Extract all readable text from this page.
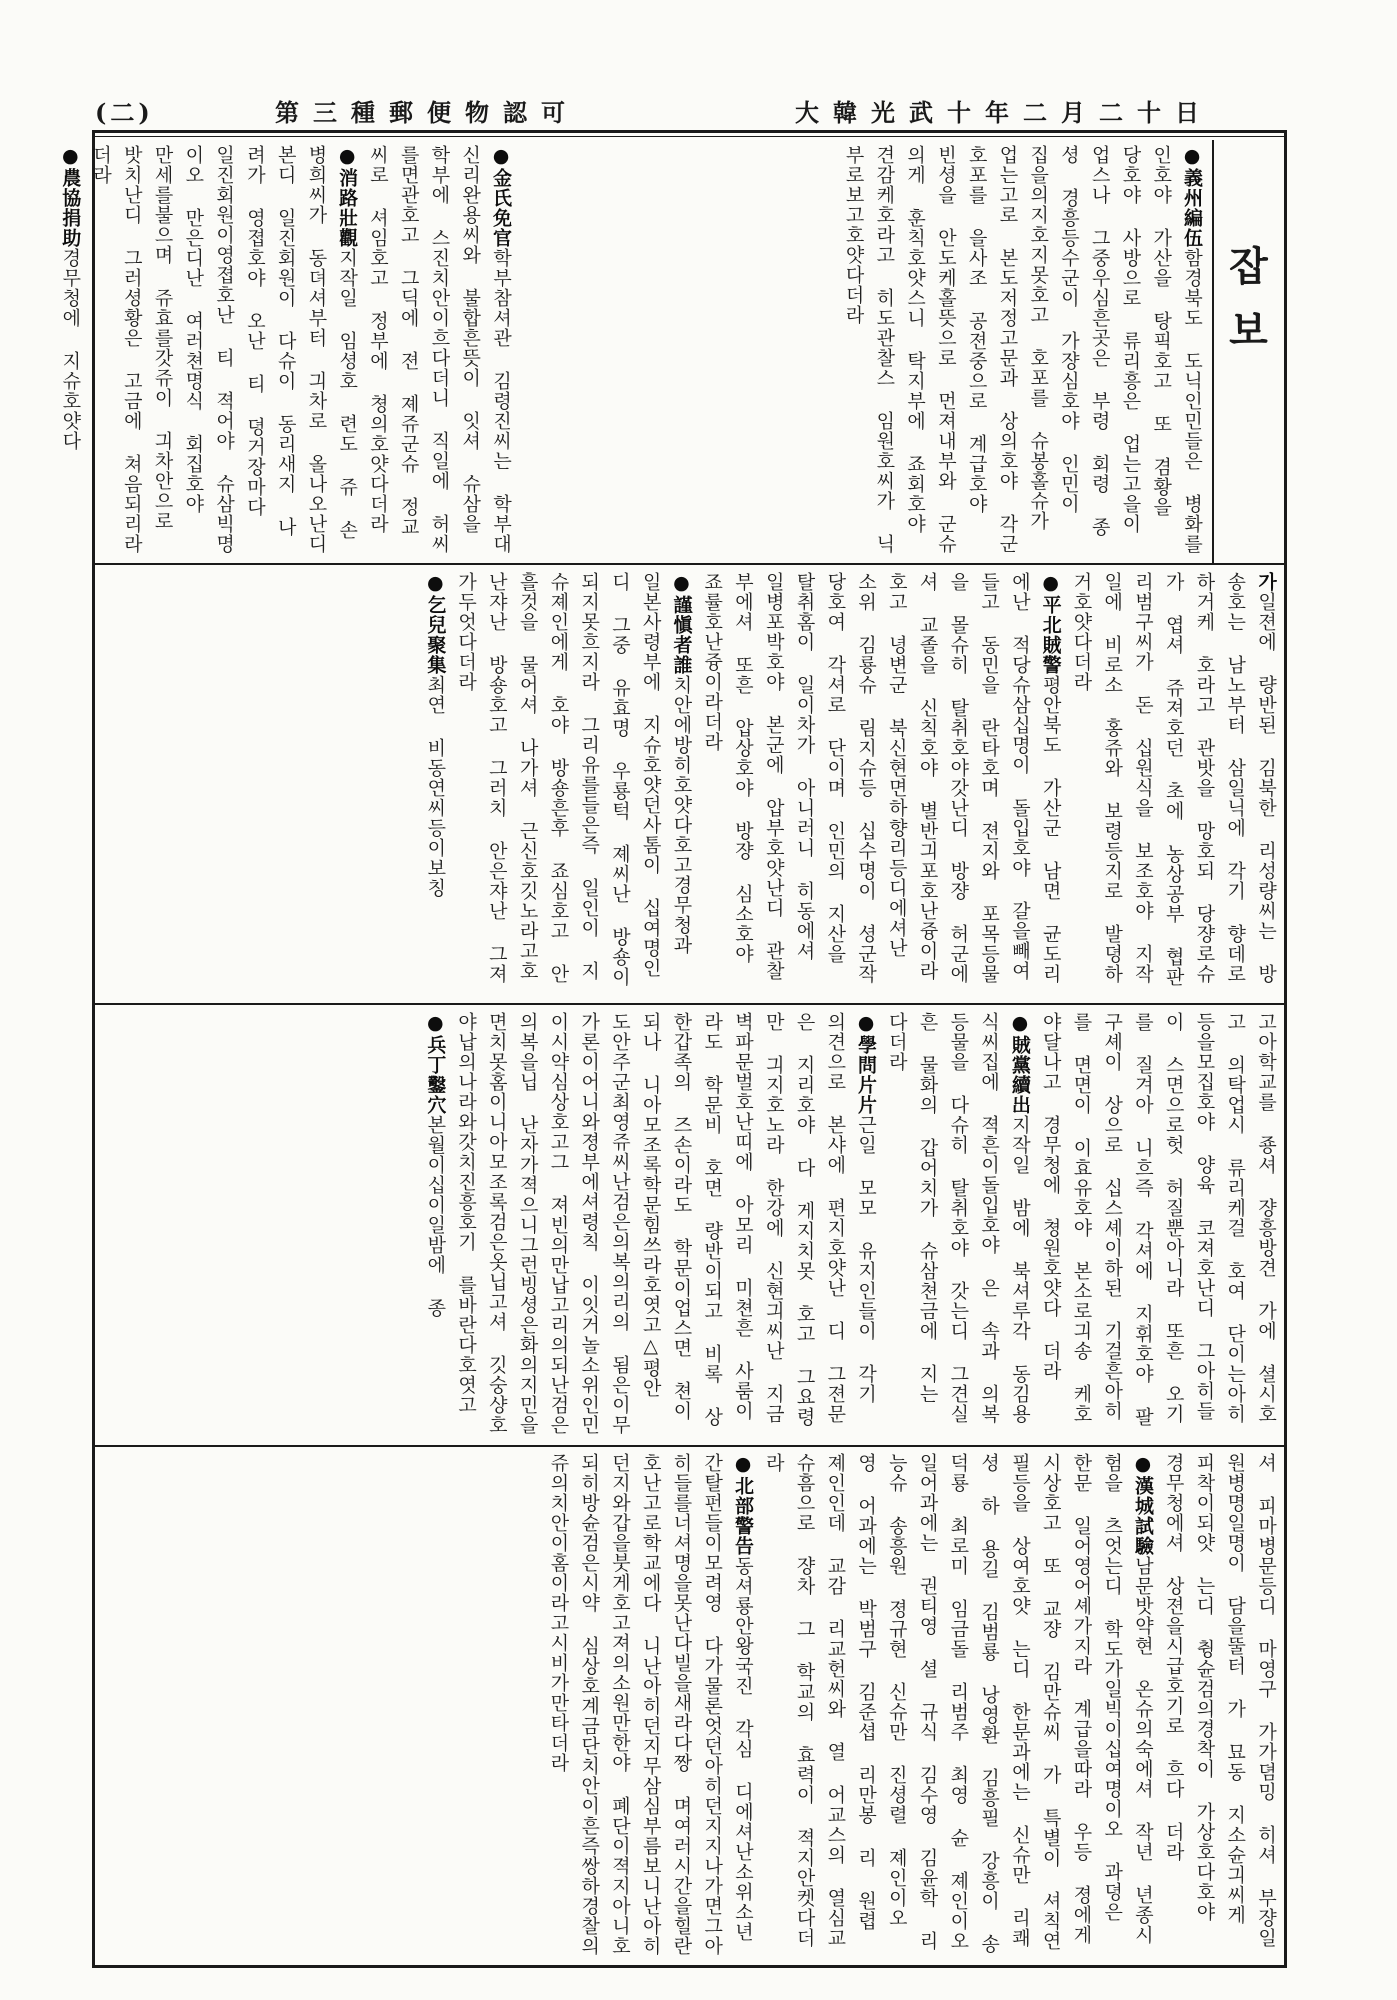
(二)	第三種郵便物認可	大韓光武十年二月二十日
잡보

●義州編伍함경북도 도닉인민들은 병화를 인호야 가산을 탕픽호고 또 겸황을 당호야 사방으로 류리흥은 업는고을이 업스나 그중우심흔곳은 부령 회령 종셩 경흥등수군이 가쟝심호야 인민이 집을의지호지못호고 호포를 슈봉홀슈가 업는고로 본도저정고문과 상의호야 각군호포를 을사조 공젼중으로 계급호야 빈셩을 안도케홀뜻으로 먼져내부와 군슈의게 훈칙호얏스니 탁지부에 죠회호야 견감케호라고 히도관찰스 임원호씨가 닉부로보고호얏다더라

●金氏免官학부참셔관 김령진씨는 학부대신리완용씨와 불합흔뜻이 잇셔 슈삼을 학부에 스진치안이흐다더니 직일에 허씨를면관호고 그딕에 젼 졔쥬군슈 정교씨로 셔임호고 정부에 쳥의호얏다더라

●消路壯觀지작일 임셩호 련도 쥬 손병희씨가 동뎌셔부터 긔차로 올나오난디 본디 일진회원이 다슈이 동리새지 나려가 영졉호야 오난 티 뎡거장마다 일진회원이영졉호난 티 젹어야 슈삼빅명이오 만은디난 여러쳔명식 회집호야 만세를불으며 쥬효를갓쥬이 긔차안으로 밧치난디 그러셩황은 고금에 쳐음되리라더라

●農協捐助경무청에 지슈호얏다

가일젼에 량반된 김북한 리성량씨는 방송호는 남노부터 삼일닉에 각기 향데로 하거케 호라고 관밧을 망호되 당쟝로슈가 엽셔 쥬져호던 초에 농상공부 협판리범구씨가 돈 십원식을 보조호야 지작일에 비로소 홍쥬와 보령등지로 발뎡하거호얏다더라

●平北賊警평안북도 가산군 남면 균도리에난 적당슈삼십명이 돌입호야 갈을빼여들고 동민을 란타호며 젼지와 포목등물을 몰슈히 탈취호야갓난디 방쟝 허군에셔 교졸을 신칙호야 별반긔포호난즁이라호고 녕변군 북신현면하향리등디에셔난 소위 김룡슈 림지슈등 십수명이 셩군작당호여 각셔로 단이며 인민의 지산을 탈취홈이 일이차가 아니러니 히동에셔 일병포박호야 본군에 압부호얏난디 관찰부에셔 또흔 압상호야 방쟝 심소호야 죠률호난즁이라더라

●謹愼者誰치안에방히호얏다호고경무청과 일본사령부에 지슈호얏던사톰이 십여명인디 그중 유효명 우룡턱 졔씨난 방숑이되지못흐지라 그리유를들은즉 일인이 지슈졔인에게 호야 방숑흔후 죠심호고 안흘것을 물어셔 나가셔 근신호깃노라고호난쟈난 방숑호고 그러치 안은쟈난 그져가두엇다더라

●乞兒聚集최연 비동연씨등이보칭

고아학교를 죵셔 쟝흥방견 가에 셜시호고 의탁업시 류리케걸 호여 단이는아히등을모집호야 양육 코져호난디 그아히들이 스면으로헛 허질뿐아니라 또흔 오기를 질겨아 니흐즉 각셔에 지휘호야 팔구셰이 상으로 십스셰이하된 기걸흔아히 를 면면이 이효유호야 본소로긔송 케호야달나고 경무청에 쳥원호얏다 더라

●賊黨續出지작일 밤에 북셔루각 동김용식씨집에 젹흔이돌입호야 은 속과 의복등물을 다슈히 탈취호야 갓는디 그견실흔 물화의 갑어치가 슈삼쳔금에 지는 다더라

●學問片片근일 모모 유지인들이 각기 의견으로 본샤에 편지호얏난 디 그젼문은 지리호야 다 게지치못 호고 그요령만 긔지호노라 한강에 신현긔씨난 지금 벽파문벌호난띠에 아모리 미쳔흔 사룸이라도 학문비 호면 량반이되고 비록 상한갑족의 즈손이라도 학문이업스면 쳔이되나 니아모조록학문힘쓰라호엿고△평안 도안주군최영쥬씨난검은의복의리의 됨은이무가론이어니와졍부에셔령칙 이잇거놀소위인민이시약심상호고그 져빈의만납고리의되난검은의복을닙 난자가젹으니그런빙셩은화의지민을 면치못홈이니아모조록검은옷닙고셔 깃숭샹호야납의나라와갓치진흥호기 를바란다호엿고

●兵丁鑿穴본월이십이일밤에 종

셔 피마병문등디 마영구 가가뎜밍 히셔 부쟝일원병명일명이 담을뚤터 가 묘동 지소슌긔씨게 피착이되얏 는디 췽슌검의경착이 가상호다호야 경무청에셔 상젼을시급호기로 흐다 더라

●漢城試驗남문밧약현 온슈의숙에셔 작년 년종시험을 츠엇는디 학도가일빅이십여명이오 과뎡은 한문 일어영어셰가지라 계급을따라 우등 졍에게시상호고 또 교쟝 김만슈씨 가 특별이 셔칙연필등을 상여호얏 는디 한문과에는 신슈만 리쾌셩 하 용길 김범룡 낭영환 김흥필 강흥이 송덕룡 최로미 임금돌 리범주 최영 슌 졔인이오 일어과에는 권티영 셜 규식 김수영 김윤학 리능슈 송흥원 졍규현 신슈만 진셩렬 졔인이오 영 어과에는 박범구 김준셥 리만봉 리 원렵 졔인인데 교감 리교헌씨와 열 어교스의 열심교슈흠으로 쟝차 그 학교의 효력이 젹지안켓다더라

●北部警告동셔룡안왕국진 각심 디에셔난소위소년간탈펀들이모려영 다가물론엇던아히던지지나가면그아 히들를너셔명을못난다빌을새라다짱 며여러시간을힐란호난고로학교에다 니난아히던지무삼심부름보니난아히 던지와갑을붓게호고져의소원만한야 폐단이젹지아니호되히방슌검은시약 심상호계금단치안이흔즉쌍하경찰의 쥬의치안이홈이라고시비가만타더라
